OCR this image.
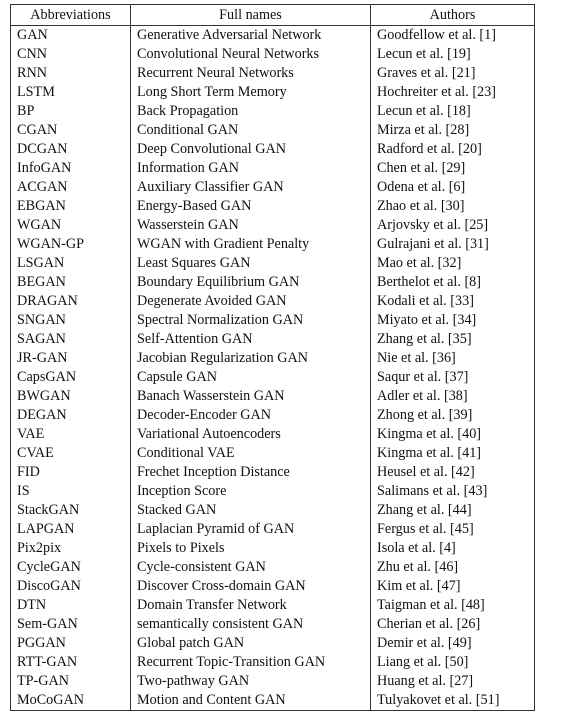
Abbreviations	Full names	Authors
GAN	Generative Adversarial Network	Goodfellow et al. [1]
CNN	Convolutional Neural Networks	Lecun et al. [19]
RNN	Recurrent Neural Networks	Graves et al. [21]
LSTM	Long Short Term Memory	Hochreiter et al. [23]
BP	Back Propagation	Lecun et al. [18]
CGAN	Conditional GAN	Mirza et al. [28]
DCGAN	Deep Convolutional GAN	Radford et al. [20]
InfoGAN	Information GAN	Chen et al. [29]
ACGAN	Auxiliary Classifier GAN	Odena et al. [6]
EBGAN	Energy-Based GAN	Zhao et al. [30]
WGAN	Wasserstein GAN	Arjovsky et al. [25]
WGAN-GP	WGAN with Gradient Penalty	Gulrajani et al. [31]
LSGAN	Least Squares GAN	Mao et al. [32]
BEGAN	Boundary Equilibrium GAN	Berthelot et al. [8]
DRAGAN	Degenerate Avoided GAN	Kodali et al. [33]
SNGAN	Spectral Normalization GAN	Miyato et al. [34]
SAGAN	Self-Attention GAN	Zhang et al. [35]
JR-GAN	Jacobian Regularization GAN	Nie et al. [36]
CapsGAN	Capsule GAN	Saqur et al. [37]
BWGAN	Banach Wasserstein GAN	Adler et al. [38]
DEGAN	Decoder-Encoder GAN	Zhong et al. [39]
VAE	Variational Autoencoders	Kingma et al. [40]
CVAE	Conditional VAE	Kingma et al. [41]
FID	Frechet Inception Distance	Heusel et al. [42]
IS	Inception Score	Salimans et al. [43]
StackGAN	Stacked GAN	Zhang et al. [44]
LAPGAN	Laplacian Pyramid of GAN	Fergus et al. [45]
Pix2pix	Pixels to Pixels	Isola et al. [4]
CycleGAN	Cycle-consistent GAN	Zhu et al. [46]
DiscoGAN	Discover Cross-domain GAN	Kim et al. [47]
DTN	Domain Transfer Network	Taigman et al. [48]
Sem-GAN	semantically consistent GAN	Cherian et al. [26]
PGGAN	Global patch GAN	Demir et al. [49]
RTT-GAN	Recurrent Topic-Transition GAN	Liang et al. [50]
TP-GAN	Two-pathway GAN	Huang et al. [27]
MoCoGAN	Motion and Content GAN	Tulyakovet et al. [51]
